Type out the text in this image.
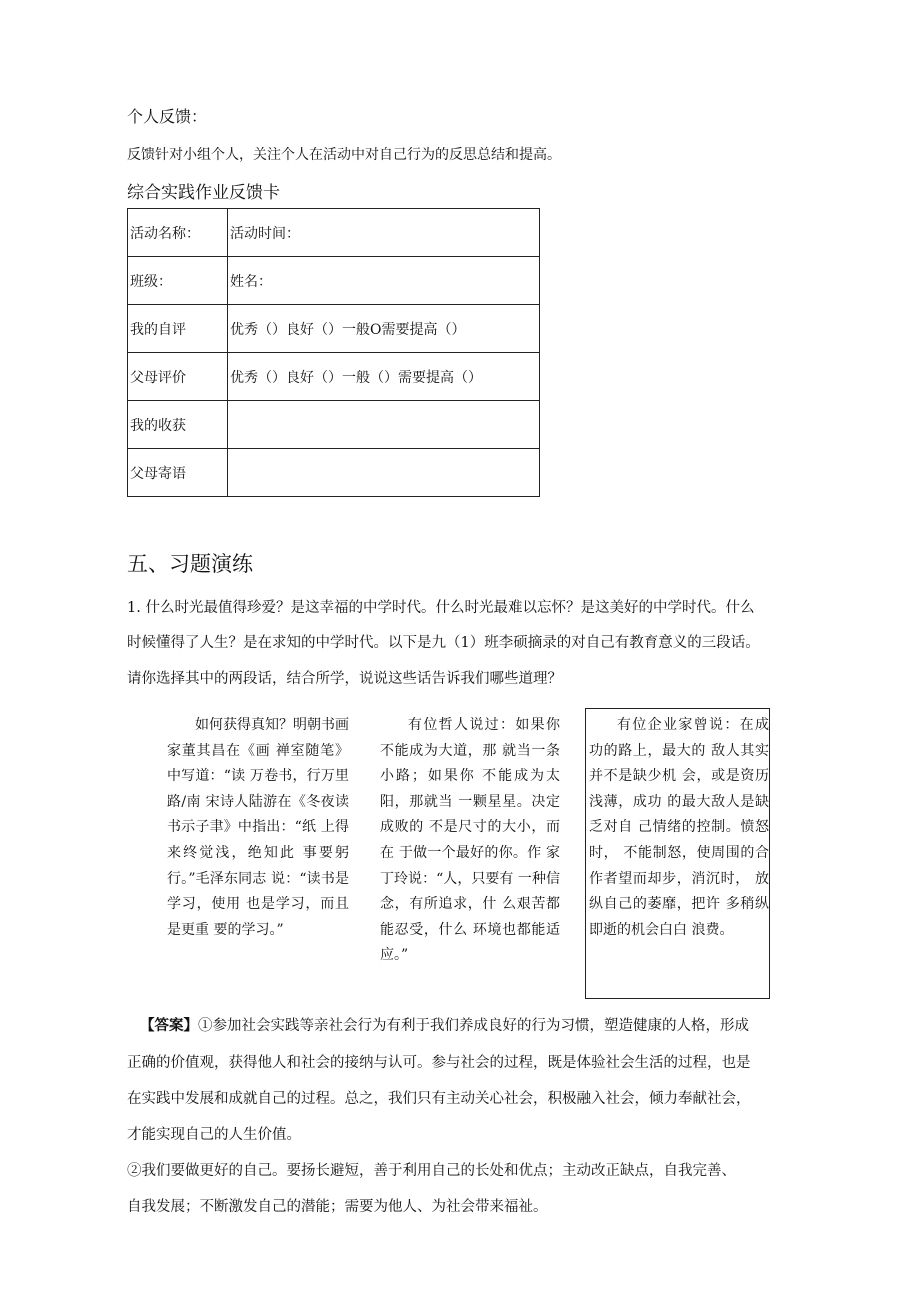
个人反馈：
反馈针对小组个人，关注个人在活动中对自己行为的反思总结和提高。
综合实践作业反馈卡
活动名称：	活动时间：
班级：	姓名：
我的自评	优秀（）良好（）一般O需要提高（）
父母评价	优秀（）良好（）一般（）需要提高（）
我的收获	
父母寄语	
五、习题演练
1. 什么时光最值得珍爱？是这幸福的中学时代。什么时光最难以忘怀？是这美好的中学时代。什么
时候懂得了人生？是在求知的中学时代。以下是九（1）班李硕摘录的对自己有教育意义的三段话。
请你选择其中的两段话，结合所学，说说这些话告诉我们哪些道理？

如何获得真知？明朝书画家董其昌在《画 禅室随笔》中写道：“读 万卷书，行万里路/南 宋诗人陆游在《冬夜读 书示子聿》中指出：“纸 上得来终觉浅，绝知此 事要躬行。”毛泽东同志 说：“读书是学习，使用 也是学习，而且是更重 要的学习。”

有位哲人说过：如果你不能成为大道，那 就当一条小路；如果你 不能成为太阳，那就当 一颗星星。决定成败的 不是尺寸的大小，而在 于做一个最好的你。作 家丁玲说：“人，只要有 一种信念，有所追求，什 么艰苦都能忍受，什么 环境也都能适应。”

有位企业家曾说：在成功的路上，最大的 敌人其实并不是缺少机 会，或是资历浅薄，成功 的最大敌人是缺乏对自 己情绪的控制。愤怒时， 不能制怒，使周围的合 作者望而却步，消沉时， 放纵自己的萎靡，把许 多稍纵即逝的机会白白 浪费。

【答案】①参加社会实践等亲社会行为有利于我们养成良好的行为习惯，塑造健康的人格，形成
正确的价值观，获得他人和社会的接纳与认可。参与社会的过程，既是体验社会生活的过程，也是
在实践中发展和成就自己的过程。总之，我们只有主动关心社会，积极融入社会，倾力奉献社会，
才能实现自己的人生价值。
②我们要做更好的自己。要扬长避短，善于利用自己的长处和优点；主动改正缺点，自我完善、
自我发展；不断激发自己的潜能；需要为他人、为社会带来福祉。
